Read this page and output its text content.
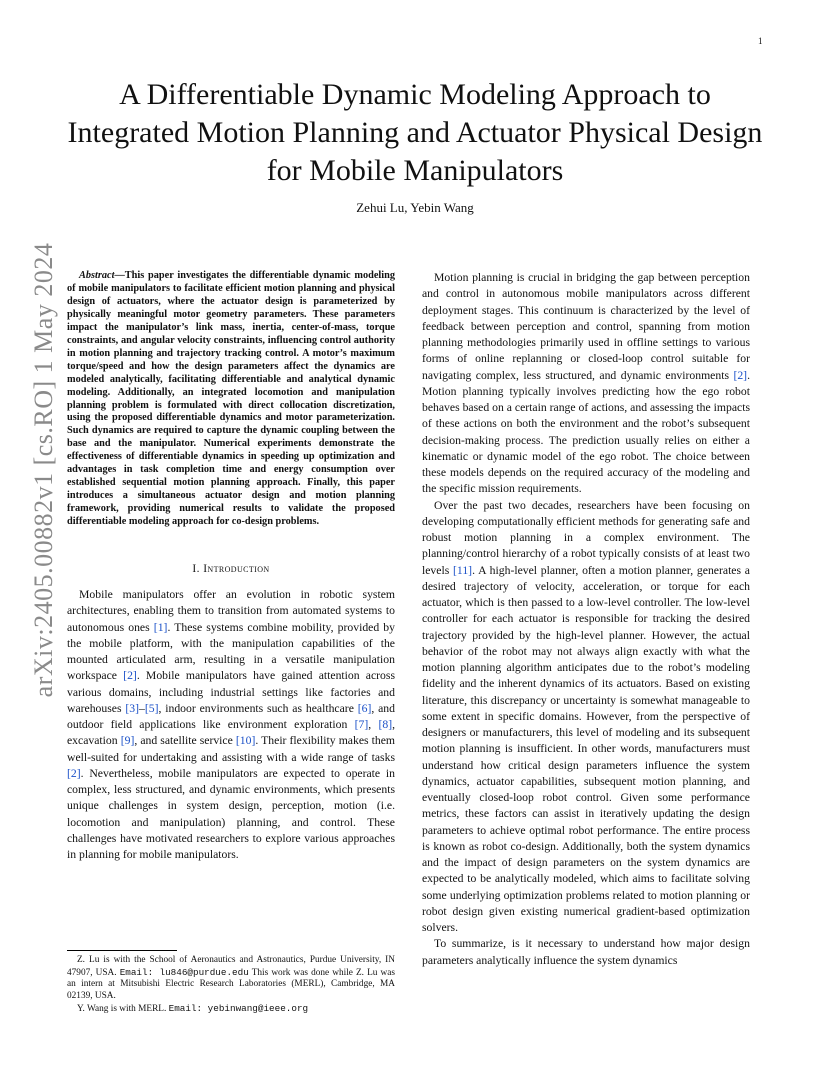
1
arXiv:2405.00882v1 [cs.RO] 1 May 2024
A Differentiable Dynamic Modeling Approach to Integrated Motion Planning and Actuator Physical Design for Mobile Manipulators
Zehui Lu, Yebin Wang

Abstract—This paper investigates the differentiable dynamic modeling of mobile manipulators to facilitate efficient motion planning and physical design of actuators, where the actuator design is parameterized by physically meaningful motor geometry parameters. These parameters impact the manipulator’s link mass, inertia, center-of-mass, torque constraints, and angular velocity constraints, influencing control authority in motion planning and trajectory tracking control. A motor’s maximum torque/speed and how the design parameters affect the dynamics are modeled analytically, facilitating differentiable and analytical dynamic modeling. Additionally, an integrated locomotion and manipulation planning problem is formulated with direct collocation discretization, using the proposed differentiable dynamics and motor parameterization. Such dynamics are required to capture the dynamic coupling between the base and the manipulator. Numerical experiments demonstrate the effectiveness of differentiable dynamics in speeding up optimization and advantages in task completion time and energy consumption over established sequential motion planning approach. Finally, this paper introduces a simultaneous actuator design and motion planning framework, providing numerical results to validate the proposed differentiable modeling approach for co-design problems.

I. Introduction

Mobile manipulators offer an evolution in robotic system architectures, enabling them to transition from automated systems to autonomous ones [1]. These systems combine mobility, provided by the mobile platform, with the manipulation capabilities of the mounted articulated arm, resulting in a versatile manipulation workspace [2]. Mobile manipulators have gained attention across various domains, including industrial settings like factories and warehouses [3]–[5], indoor environments such as healthcare [6], and outdoor field applications like environment exploration [7], [8], excavation [9], and satellite service [10]. Their flexibility makes them well-suited for undertaking and assisting with a wide range of tasks [2]. Nevertheless, mobile manipulators are expected to operate in complex, less structured, and dynamic environments, which presents unique challenges in system design, perception, motion (i.e. locomotion and manipulation) planning, and control. These challenges have motivated researchers to explore various approaches in planning for mobile manipulators.

Motion planning is crucial in bridging the gap between perception and control in autonomous mobile manipulators across different deployment stages. This continuum is characterized by the level of feedback between perception and control, spanning from motion planning methodologies primarily used in offline settings to various forms of online replanning or closed-loop control suitable for navigating complex, less structured, and dynamic environments [2]. Motion planning typically involves predicting how the ego robot behaves based on a certain range of actions, and assessing the impacts of these actions on both the environment and the robot’s subsequent decision-making process. The prediction usually relies on either a kinematic or dynamic model of the ego robot. The choice between these models depends on the required accuracy of the modeling and the specific mission requirements.

Over the past two decades, researchers have been focusing on developing computationally efficient methods for generating safe and robust motion planning in a complex environment. The planning/control hierarchy of a robot typically consists of at least two levels [11]. A high-level planner, often a motion planner, generates a desired trajectory of velocity, acceleration, or torque for each actuator, which is then passed to a low-level controller. The low-level controller for each actuator is responsible for tracking the desired trajectory provided by the high-level planner. However, the actual behavior of the robot may not always align exactly with what the motion planning algorithm anticipates due to the robot’s modeling fidelity and the inherent dynamics of its actuators. Based on existing literature, this discrepancy or uncertainty is somewhat manageable to some extent in specific domains. However, from the perspective of designers or manufacturers, this level of modeling and its subsequent motion planning is insufficient. In other words, manufacturers must understand how critical design parameters influence the system dynamics, actuator capabilities, subsequent motion planning, and eventually closed-loop robot control. Given some performance metrics, these factors can assist in iteratively updating the design parameters to achieve optimal robot performance. The entire process is known as robot co-design. Additionally, both the system dynamics and the impact of design parameters on the system dynamics are expected to be analytically modeled, which aims to facilitate solving some underlying optimization problems related to motion planning or robot design given existing numerical gradient-based optimization solvers.

To summarize, is it necessary to understand how major design parameters analytically influence the system dynamics

Z. Lu is with the School of Aeronautics and Astronautics, Purdue University, IN 47907, USA. Email: lu846@purdue.edu This work was done while Z. Lu was an intern at Mitsubishi Electric Research Laboratories (MERL), Cambridge, MA 02139, USA.

Y. Wang is with MERL. Email: yebinwang@ieee.org
